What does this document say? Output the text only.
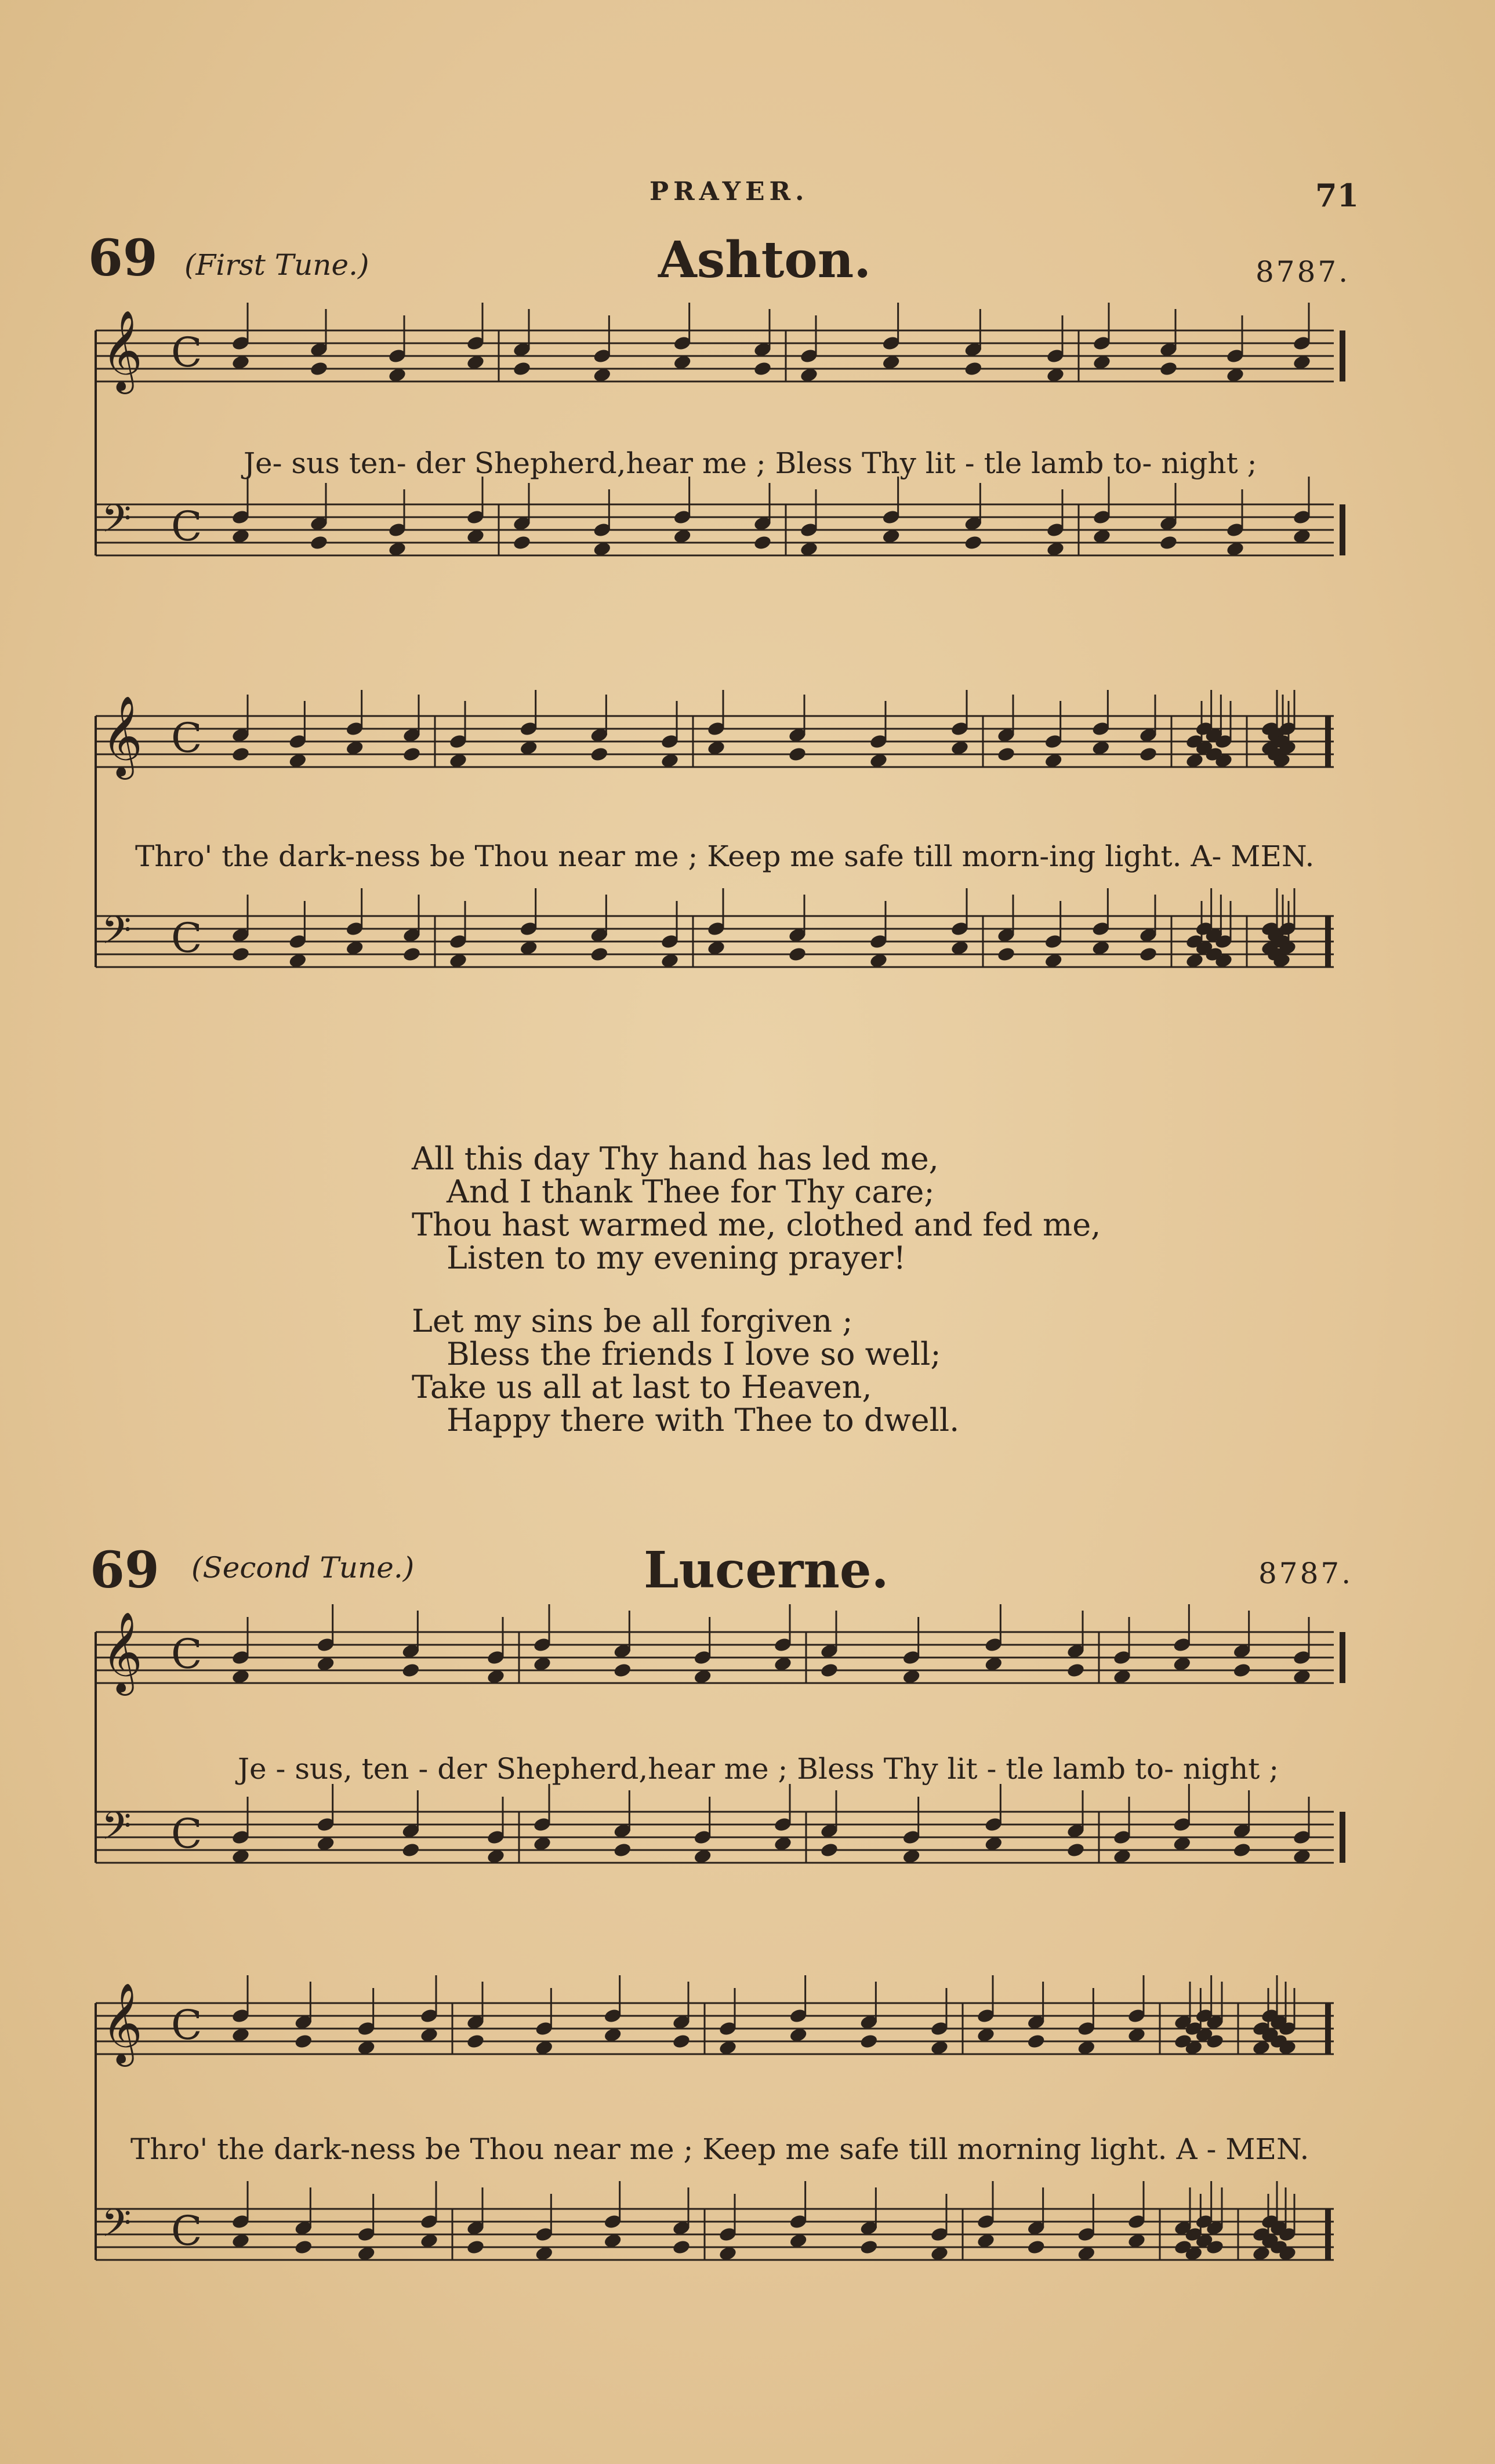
PRAYER.	71
69 (First Tune.)	Ashton.	8787.
𝄞 C
𝄢 C
Je- sus ten- der Shepherd,hear me ; Bless Thy lit - tle lamb to- night ;
𝄞 C
𝄢 C
Thro' the dark-ness be Thou near me ; Keep me safe till morn-ing light. A- MEN.
All this day Thy hand has led me,
And I thank Thee for Thy care;
Thou hast warmed me, clothed and fed me,
Listen to my evening prayer!
Let my sins be all forgiven ;
Bless the friends I love so well;
Take us all at last to Heaven,
Happy there with Thee to dwell.
69 (Second Tune.)	Lucerne.	8787.
𝄞 C
𝄢 C
Je - sus, ten - der Shepherd,hear me ; Bless Thy lit - tle lamb to- night ;
𝄞 C
𝄢 C
Thro' the dark-ness be Thou near me ; Keep me safe till morning light. A - MEN.
